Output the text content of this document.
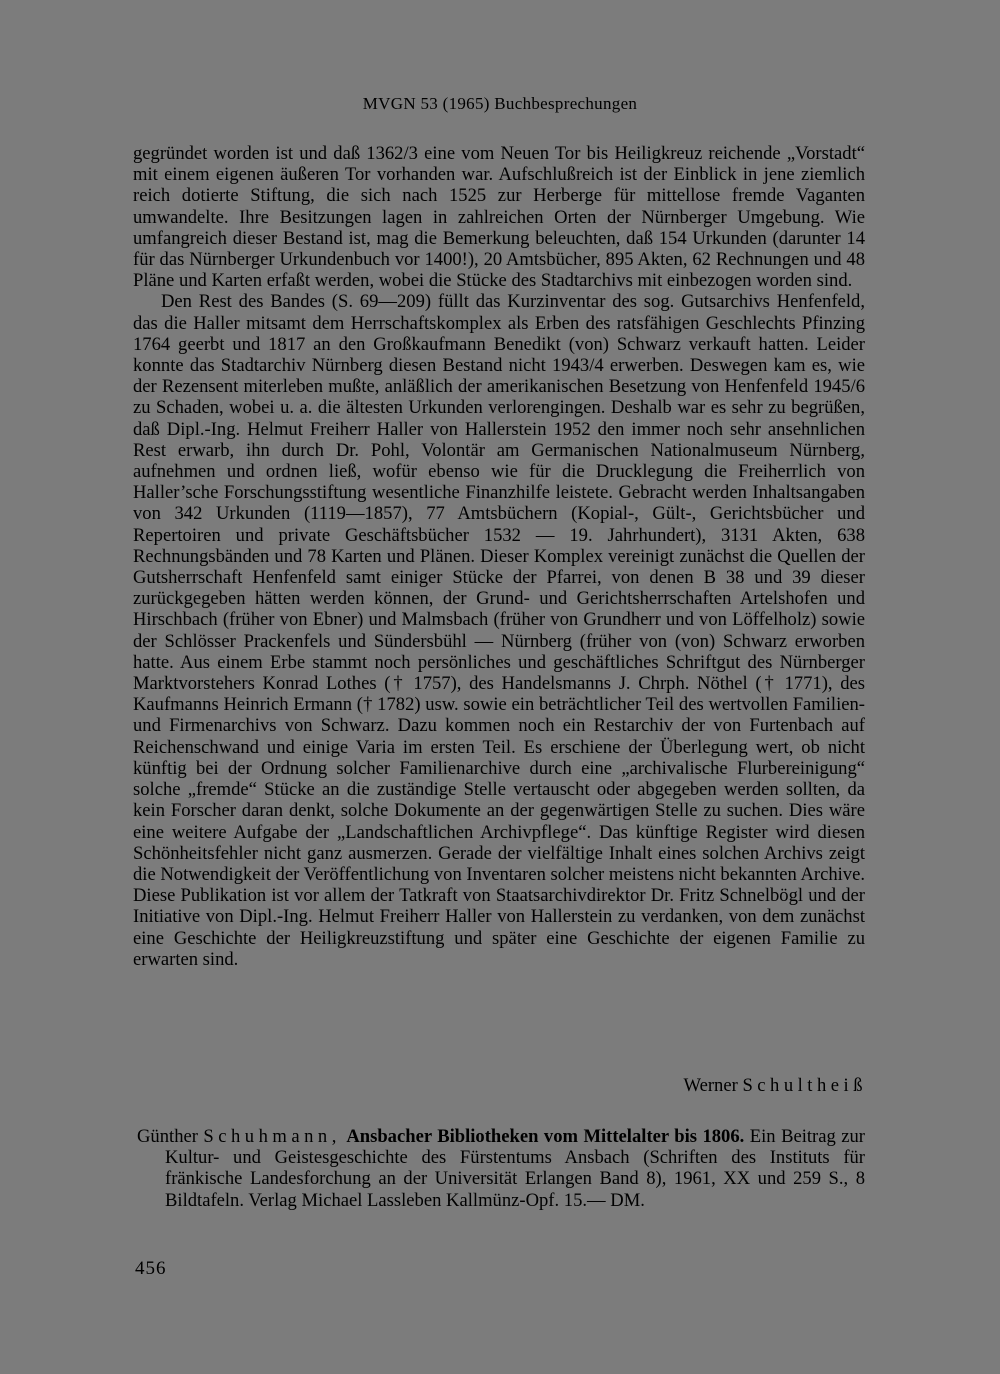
MVGN 53 (1965) Buchbesprechungen

gegründet worden ist und daß 1362/3 eine vom Neuen Tor bis Heiligkreuz reichende „Vorstadt“ mit einem eigenen äußeren Tor vorhanden war. Aufschlußreich ist der Einblick in jene ziemlich reich dotierte Stiftung, die sich nach 1525 zur Herberge für mittellose fremde Vaganten umwandelte. Ihre Besitzungen lagen in zahlreichen Orten der Nürnberger Umgebung. Wie umfangreich dieser Bestand ist, mag die Bemerkung beleuchten, daß 154 Urkunden (darunter 14 für das Nürnberger Urkundenbuch vor 1400!), 20 Amtsbücher, 895 Akten, 62 Rechnungen und 48 Pläne und Karten erfaßt werden, wobei die Stücke des Stadtarchivs mit einbezogen worden sind.

Den Rest des Bandes (S. 69—209) füllt das Kurzinventar des sog. Gutsarchivs Henfenfeld, das die Haller mitsamt dem Herrschaftskomplex als Erben des ratsfähigen Geschlechts Pfinzing 1764 geerbt und 1817 an den Großkaufmann Benedikt (von) Schwarz verkauft hatten. Leider konnte das Stadtarchiv Nürnberg diesen Bestand nicht 1943/4 erwerben. Deswegen kam es, wie der Rezensent miterleben mußte, anläßlich der amerikanischen Besetzung von Henfenfeld 1945/6 zu Schaden, wobei u. a. die ältesten Urkunden verlorengingen. Deshalb war es sehr zu begrüßen, daß Dipl.-Ing. Helmut Freiherr Haller von Hallerstein 1952 den immer noch sehr ansehnlichen Rest erwarb, ihn durch Dr. Pohl, Volontär am Germanischen Nationalmuseum Nürnberg, aufnehmen und ordnen ließ, wofür ebenso wie für die Drucklegung die Freiherrlich von Haller’sche Forschungsstiftung wesentliche Finanzhilfe leistete. Gebracht werden Inhaltsangaben von 342 Urkunden (1119—1857), 77 Amtsbüchern (Kopial-, Gült-, Gerichtsbücher und Repertoiren und private Geschäftsbücher 1532 — 19. Jahrhundert), 3131 Akten, 638 Rechnungsbänden und 78 Karten und Plänen. Dieser Komplex vereinigt zunächst die Quellen der Gutsherrschaft Henfenfeld samt einiger Stücke der Pfarrei, von denen B 38 und 39 dieser zurückgegeben hätten werden können, der Grund- und Gerichtsherrschaften Artelshofen und Hirschbach (früher von Ebner) und Malmsbach (früher von Grundherr und von Löffelholz) sowie der Schlösser Prackenfels und Sündersbühl — Nürnberg (früher von (von) Schwarz erworben hatte. Aus einem Erbe stammt noch persönliches und geschäftliches Schriftgut des Nürnberger Marktvorstehers Konrad Lothes († 1757), des Handelsmanns J. Chrph. Nöthel († 1771), des Kaufmanns Heinrich Ermann († 1782) usw. sowie ein beträchtlicher Teil des wertvollen Familien- und Firmenarchivs von Schwarz. Dazu kommen noch ein Restarchiv der von Furtenbach auf Reichenschwand und einige Varia im ersten Teil. Es erschiene der Überlegung wert, ob nicht künftig bei der Ordnung solcher Familienarchive durch eine „archivalische Flurbereinigung“ solche „fremde“ Stücke an die zuständige Stelle vertauscht oder abgegeben werden sollten, da kein Forscher daran denkt, solche Dokumente an der gegenwärtigen Stelle zu suchen. Dies wäre eine weitere Aufgabe der „Landschaftlichen Archivpflege“. Das künftige Register wird diesen Schönheitsfehler nicht ganz ausmerzen. Gerade der vielfältige Inhalt eines solchen Archivs zeigt die Notwendigkeit der Veröffentlichung von Inventaren solcher meistens nicht bekannten Archive. Diese Publikation ist vor allem der Tatkraft von Staatsarchivdirektor Dr. Fritz Schnelbögl und der Initiative von Dipl.-Ing. Helmut Freiherr Haller von Hallerstein zu verdanken, von dem zunächst eine Geschichte der Heiligkreuzstiftung und später eine Geschichte der eigenen Familie zu erwarten sind.

Werner Schultheiß
Günther Schuhmann, Ansbacher Bibliotheken vom Mittelalter bis 1806. Ein Beitrag zur Kultur- und Geistesgeschichte des Fürstentums Ansbach (Schriften des Instituts für fränkische Landesforchung an der Universität Erlangen Band 8), 1961, XX und 259 S., 8 Bildtafeln. Verlag Michael Lassleben Kallmünz-Opf. 15.— DM.
456
